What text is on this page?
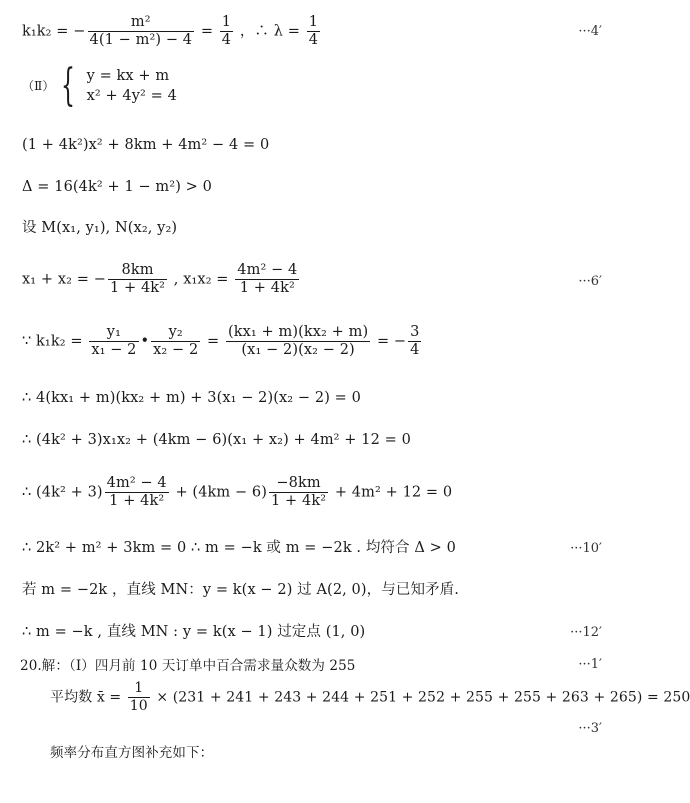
k₁k₂ = − $\frac{\text{m²}}{\text{4(1 − m²) − 4}} = \frac{1}{4}$ ，∴ $\lambda = \frac{1}{4}$	···4′
（Ⅱ） { y = kx + m
x² + 4y² = 4
(1 + 4k²)x² + 8km + 4m² − 4 = 0
Δ = 16(4k² + 1 − m²) > 0
设 M(x₁, y₁), N(x₂, y₂)
x₁ + x₂ = − $\frac{8km}{\text{1 + 4k²}}$ , $x_1x_2 = \frac{\text{4m² − 4}}{\text{1 + 4k²}}$	···6′
∵ $k_1k_2 = \frac{\text{y₁}}{\text{x₁ − 2}}$ • $\frac{\text{y₂}}{\text{x₂ − 2}} = \frac{\text{(kx₁ + m)(kx₂ + m)}}{\text{(x₁ − 2)(x₂ − 2)}}$ = − $\frac{3}{4}$
∴ 4(kx₁ + m)(kx₂ + m) + 3(x₁ − 2)(x₂ − 2) = 0
∴ (4k² + 3)x₁x₂ + (4km − 6)(x₁ + x₂) + 4m² + 12 = 0
∴ $(4k^2 + 3) \frac{\text{4m² − 4}}{\text{1 + 4k²}} + (4km - 6) \frac{-8km}{\text{1 + 4k²}} + 4m^2 + 12 = 0$
∴ 2k² + m² + 3km = 0 ∴ m = −k 或 m = −2k . 均符合 Δ > 0	···10′
若 m = −2k ，直线 MN：y = k(x − 2) 过 A(2, 0)，与已知矛盾.
∴ m = −k , 直线 MN : y = k(x − 1) 过定点 (1, 0)	···12′
20.解：（I）四月前 10 天订单中百合需求量众数为 255	···1′
平均数 x̄ = $\frac{1}{10} \times (231 + 241 + 243 + 244 + 251 + 252 + 255 + 255 + 263 + 265) = 250$
···3′
频率分布直方图补充如下：
